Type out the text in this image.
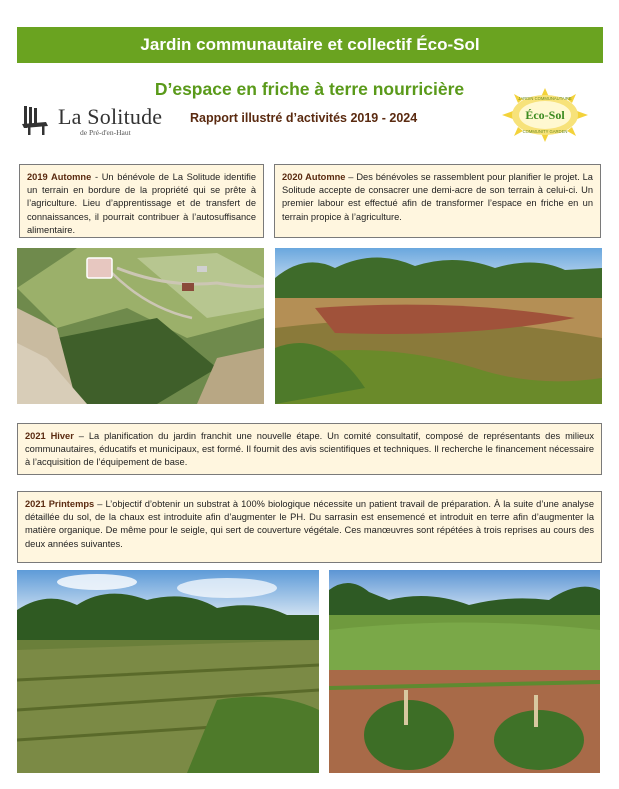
Jardin communautaire et collectif Éco-Sol
D’espace en friche à terre nourricière
La Solitude
de Pré-d'en-Haut
Rapport illustré d’activités 2019 - 2024
JARDIN COMMUNAUTAIRE
Éco-Sol
COMMUNITY GARDEN
2019 Automne - Un bénévole de La Solitude identifie un terrain en bordure de la propriété qui se prête à l’agriculture. Lieu d’apprentissage et de transfert de connaissances, il pourrait contribuer à l’autosuffisance alimentaire.
2020 Automne – Des bénévoles se rassemblent pour planifier le projet. La Solitude accepte de consacrer une demi-acre de son terrain à celui-ci. Un premier labour est effectué afin de transformer l’espace en friche en un terrain propice à l’agriculture.
2021 Hiver – La planification du jardin franchit une nouvelle étape. Un comité consultatif, composé de représentants des milieux communautaires, éducatifs et municipaux, est formé. Il fournit des avis scientifiques et techniques. Il recherche le financement nécessaire à l’acquisition de l’équipement de base.
2021 Printemps – L’objectif d’obtenir un substrat à 100% biologique nécessite un patient travail de préparation. À la suite d’une analyse détaillée du sol, de la chaux est introduite afin d’augmenter le PH. Du sarrasin est ensemencé et introduit en terre afin d’augmenter la matière organique. De même pour le seigle, qui sert de couverture végétale. Ces manœuvres sont répétées à trois reprises au cours des deux années suivantes.
